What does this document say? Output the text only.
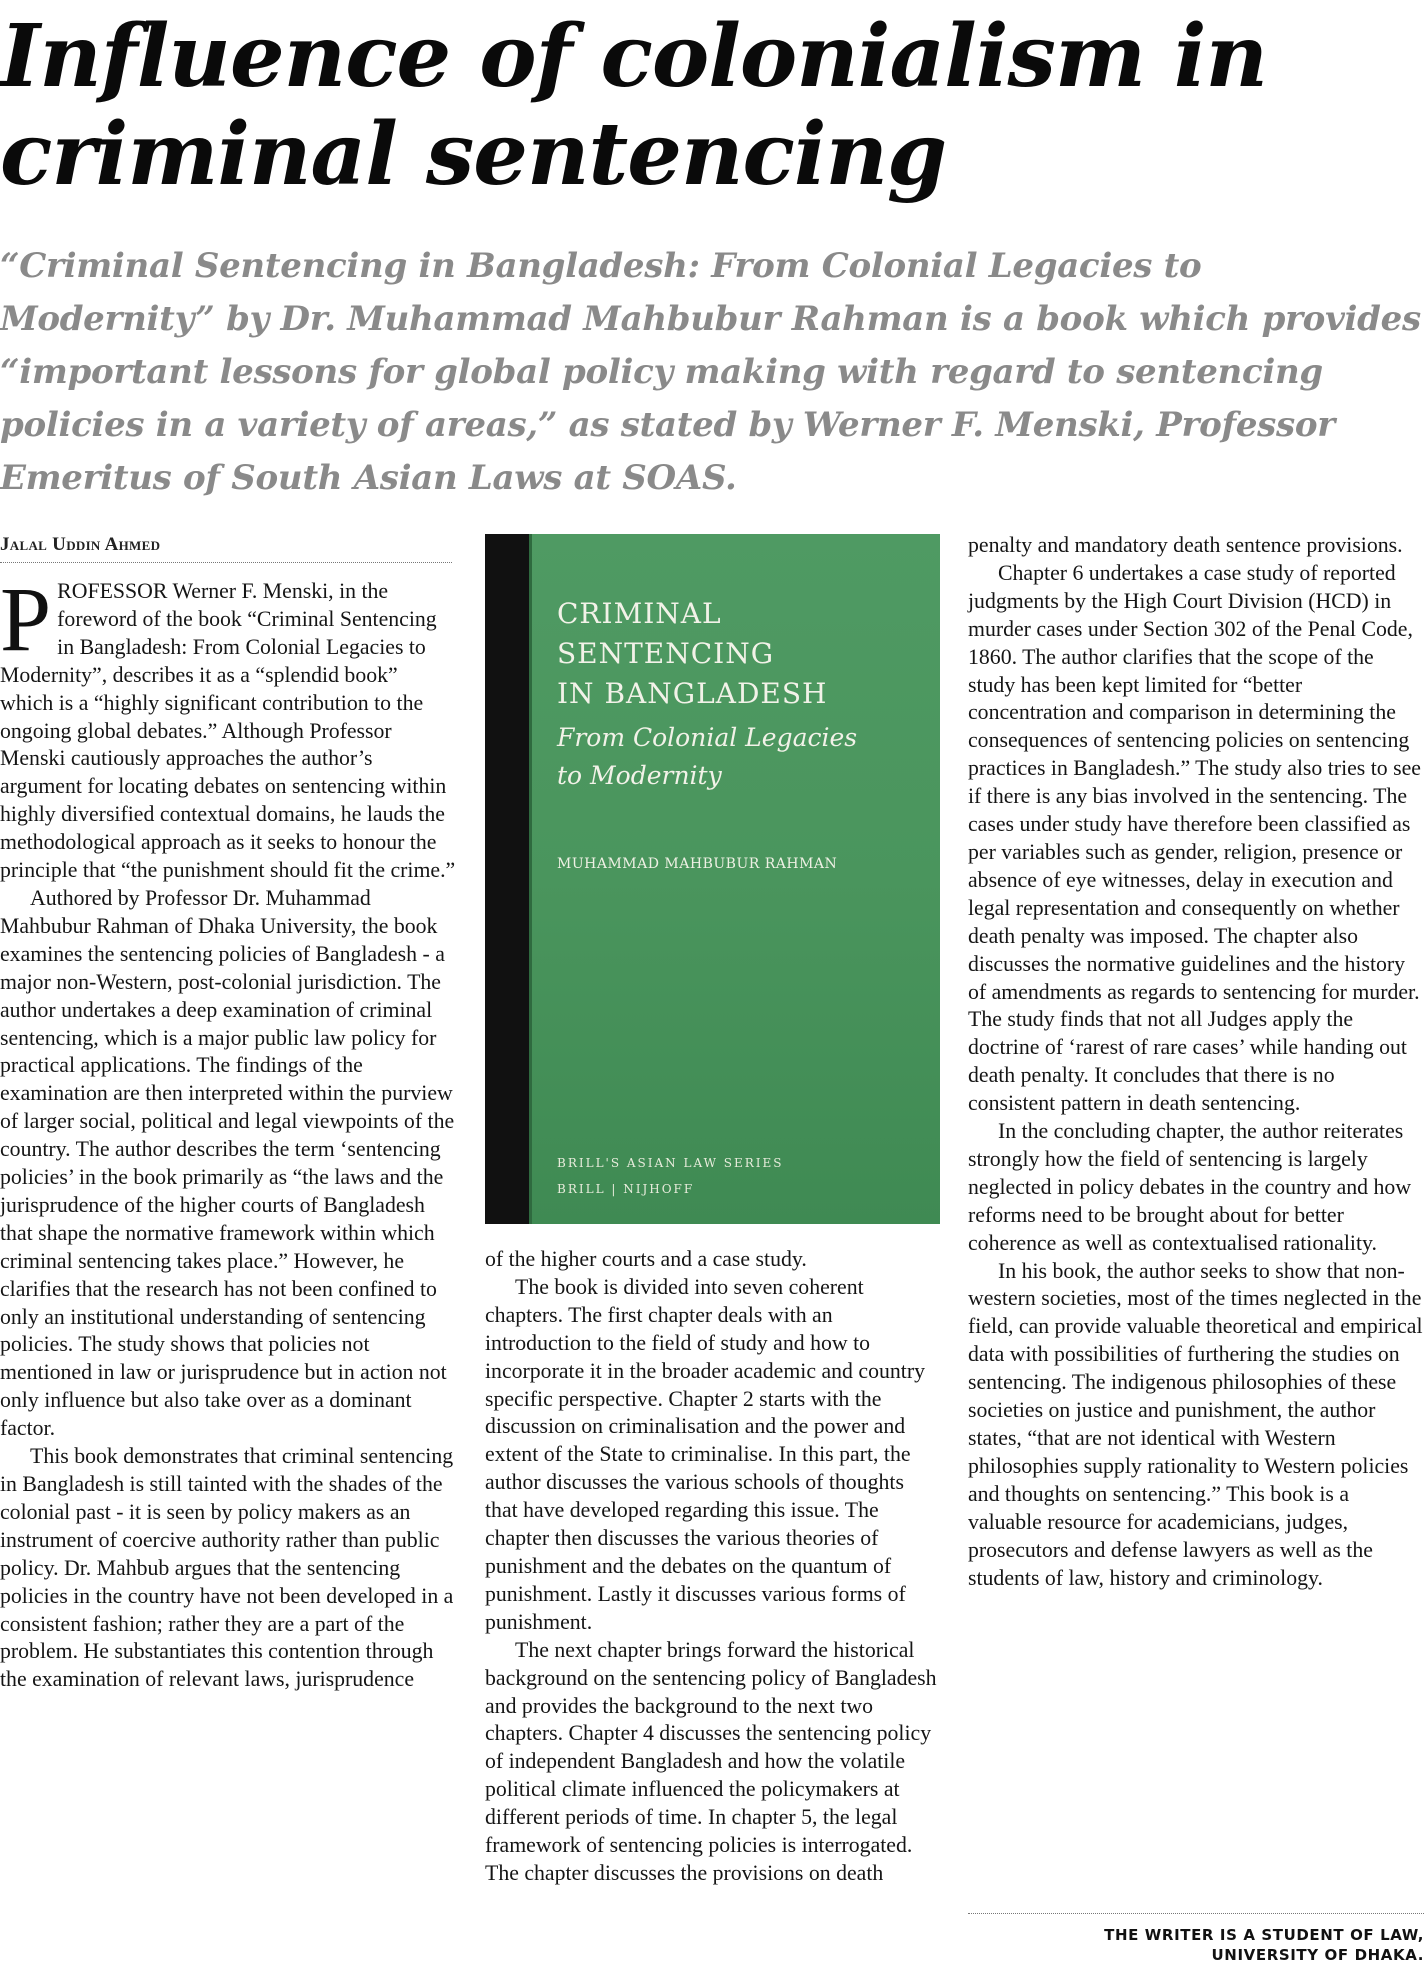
Influence of colonialism in
criminal sentencing

“Criminal Sentencing in Bangladesh: From Colonial Legacies to Modernity” by Dr. Muhammad Mahbubur Rahman is a book which provides “important lessons for global policy making with regard to sentencing policies in a variety of areas,” as stated by Werner F. Menski, Professor Emeritus of South Asian Laws at SOAS.

Jalal Uddin Ahmed

PROFESSOR Werner F. Menski, in the foreword of the book “Criminal Sentencing in Bangladesh: From Colonial Legacies to Modernity”, describes it as a “splendid book” which is a “highly significant contribution to the ongoing global debates.” Although Professor Menski cautiously approaches the author’s argument for locating debates on sentencing within highly diversified contextual domains, he lauds the methodological approach as it seeks to honour the principle that “the punishment should fit the crime.”

Authored by Professor Dr. Muhammad Mahbubur Rahman of Dhaka University, the book examines the sentencing policies of Bangladesh - a major non-Western, post-colonial jurisdiction. The author undertakes a deep examination of criminal sentencing, which is a major public law policy for practical applications. The findings of the examination are then interpreted within the purview of larger social, political and legal viewpoints of the country. The author describes the term ‘sentencing policies’ in the book primarily as “the laws and the jurisprudence of the higher courts of Bangladesh that shape the normative framework within which criminal sentencing takes place.” However, he clarifies that the research has not been confined to only an institutional understanding of sentencing policies. The study shows that policies not mentioned in law or jurisprudence but in action not only influence but also take over as a dominant factor.

This book demonstrates that criminal sentencing in Bangladesh is still tainted with the shades of the colonial past - it is seen by policy makers as an instrument of coercive authority rather than public policy. Dr. Mahbub argues that the sentencing policies in the country have not been developed in a consistent fashion; rather they are a part of the problem. He substantiates this contention through the examination of relevant laws, jurisprudence

CRIMINAL
SENTENCING
IN BANGLADESH
From Colonial Legacies
to Modernity
MUHAMMAD MAHBUBUR RAHMAN
BRILL'S ASIAN LAW SERIES
BRILL | NIJHOFF

of the higher courts and a case study.

The book is divided into seven coherent chapters. The first chapter deals with an introduction to the field of study and how to incorporate it in the broader academic and country specific perspective. Chapter 2 starts with the discussion on criminalisation and the power and extent of the State to criminalise. In this part, the author discusses the various schools of thoughts that have developed regarding this issue. The chapter then discusses the various theories of punishment and the debates on the quantum of punishment. Lastly it discusses various forms of punishment.

The next chapter brings forward the historical background on the sentencing policy of Bangladesh and provides the background to the next two chapters. Chapter 4 discusses the sentencing policy of independent Bangladesh and how the volatile political climate influenced the policymakers at different periods of time. In chapter 5, the legal framework of sentencing policies is interrogated. The chapter discusses the provisions on death

penalty and mandatory death sentence provisions.

Chapter 6 undertakes a case study of reported judgments by the High Court Division (HCD) in murder cases under Section 302 of the Penal Code, 1860. The author clarifies that the scope of the study has been kept limited for “better concentration and comparison in determining the consequences of sentencing policies on sentencing practices in Bangladesh.” The study also tries to see if there is any bias involved in the sentencing. The cases under study have therefore been classified as per variables such as gender, religion, presence or absence of eye witnesses, delay in execution and legal representation and consequently on whether death penalty was imposed. The chapter also discusses the normative guidelines and the history of amendments as regards to sentencing for murder. The study finds that not all Judges apply the doctrine of ‘rarest of rare cases’ while handing out death penalty. It concludes that there is no consistent pattern in death sentencing.

In the concluding chapter, the author reiterates strongly how the field of sentencing is largely neglected in policy debates in the country and how reforms need to be brought about for better coherence as well as contextualised rationality.

In his book, the author seeks to show that non-western societies, most of the times neglected in the field, can provide valuable theoretical and empirical data with possibilities of furthering the studies on sentencing. The indigenous philosophies of these societies on justice and punishment, the author states, “that are not identical with Western philosophies supply rationality to Western policies and thoughts on sentencing.” This book is a valuable resource for academicians, judges, prosecutors and defense lawyers as well as the students of law, history and criminology.

THE WRITER IS A STUDENT OF LAW,
UNIVERSITY OF DHAKA.
